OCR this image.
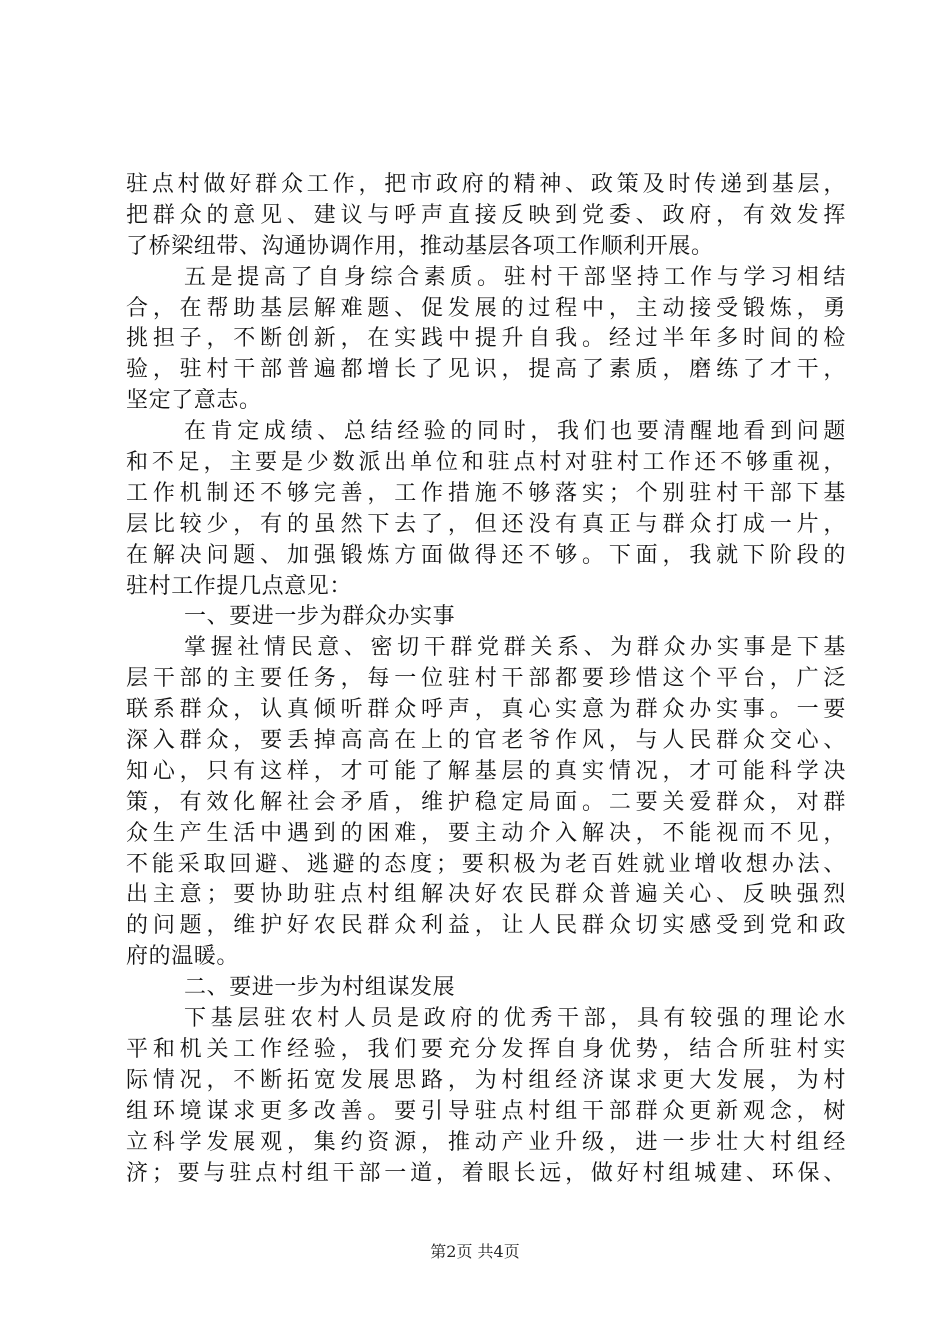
驻点村做好群众工作，把市政府的精神、政策及时传递到基层，
把群众的意见、建议与呼声直接反映到党委、政府，有效发挥
了桥梁纽带、沟通协调作用，推动基层各项工作顺利开展。
五是提高了自身综合素质。驻村干部坚持工作与学习相结
合，在帮助基层解难题、促发展的过程中，主动接受锻炼，勇
挑担子，不断创新，在实践中提升自我。经过半年多时间的检
验，驻村干部普遍都增长了见识，提高了素质，磨练了才干，
坚定了意志。
在肯定成绩、总结经验的同时，我们也要清醒地看到问题
和不足，主要是少数派出单位和驻点村对驻村工作还不够重视，
工作机制还不够完善，工作措施不够落实；个别驻村干部下基
层比较少，有的虽然下去了，但还没有真正与群众打成一片，
在解决问题、加强锻炼方面做得还不够。下面，我就下阶段的
驻村工作提几点意见：
一、要进一步为群众办实事
掌握社情民意、密切干群党群关系、为群众办实事是下基
层干部的主要任务，每一位驻村干部都要珍惜这个平台，广泛
联系群众，认真倾听群众呼声，真心实意为群众办实事。一要
深入群众，要丢掉高高在上的官老爷作风，与人民群众交心、
知心，只有这样，才可能了解基层的真实情况，才可能科学决
策，有效化解社会矛盾，维护稳定局面。二要关爱群众，对群
众生产生活中遇到的困难，要主动介入解决，不能视而不见，
不能采取回避、逃避的态度；要积极为老百姓就业增收想办法、
出主意；要协助驻点村组解决好农民群众普遍关心、反映强烈
的问题，维护好农民群众利益，让人民群众切实感受到党和政
府的温暖。
二、要进一步为村组谋发展
下基层驻农村人员是政府的优秀干部，具有较强的理论水
平和机关工作经验，我们要充分发挥自身优势，结合所驻村实
际情况，不断拓宽发展思路，为村组经济谋求更大发展，为村
组环境谋求更多改善。要引导驻点村组干部群众更新观念，树
立科学发展观，集约资源，推动产业升级，进一步壮大村组经
济；要与驻点村组干部一道，着眼长远，做好村组城建、环保、
第2页 共4页
